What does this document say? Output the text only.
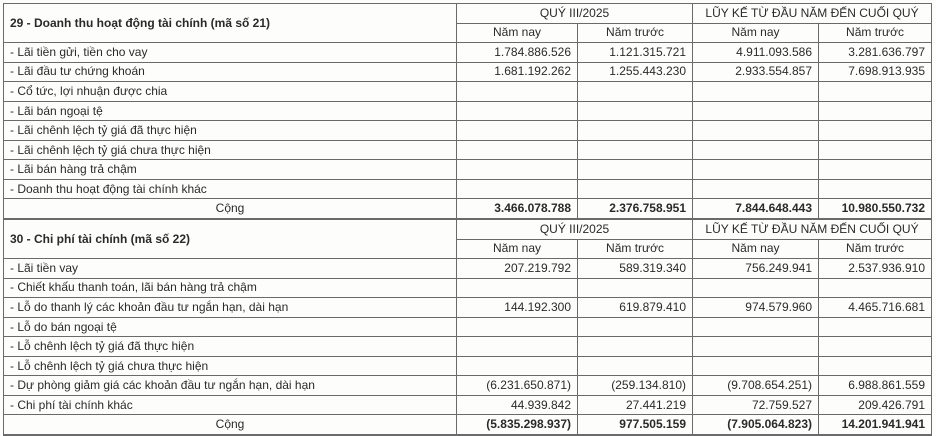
29 - Doanh thu hoạt động tài chính (mã số 21)	QUÝ III/2025		LŨY KẾ TỪ ĐẦU NĂM ĐẾN CUỐI QUÝ	
	Năm nay	Năm trước	Năm nay	Năm trước
- Lãi tiền gửi, tiền cho vay	1.784.886.526	1.121.315.721	4.911.093.586	3.281.636.797
- Lãi đầu tư chứng khoán	1.681.192.262	1.255.443.230	2.933.554.857	7.698.913.935
- Cổ tức, lợi nhuận được chia				
- Lãi bán ngoại tệ				
- Lãi chênh lệch tỷ giá đã thực hiện				
- Lãi chênh lệch tỷ giá chưa thực hiện				
- Lãi bán hàng trả chậm				
- Doanh thu hoạt động tài chính khác				
Cộng	3.466.078.788	2.376.758.951	7.844.648.443	10.980.550.732
30 - Chi phí tài chính (mã số 22)	QUÝ III/2025		LŨY KẾ TỪ ĐẦU NĂM ĐẾN CUỐI QUÝ	
	Năm nay	Năm trước	Năm nay	Năm trước
- Lãi tiền vay	207.219.792	589.319.340	756.249.941	2.537.936.910
- Chiết khấu thanh toán, lãi bán hàng trả chậm				
- Lỗ do thanh lý các khoản đầu tư ngắn hạn, dài hạn	144.192.300	619.879.410	974.579.960	4.465.716.681
- Lỗ do bán ngoại tệ				
- Lỗ chênh lệch tỷ giá đã thực hiện				
- Lỗ chênh lệch tỷ giá chưa thực hiện				
- Dự phòng giảm giá các khoản đầu tư ngắn hạn, dài hạn	(6.231.650.871)	(259.134.810)	(9.708.654.251)	6.988.861.559
- Chi phí tài chính khác	44.939.842	27.441.219	72.759.527	209.426.791
Cộng	(5.835.298.937)	977.505.159	(7.905.064.823)	14.201.941.941
